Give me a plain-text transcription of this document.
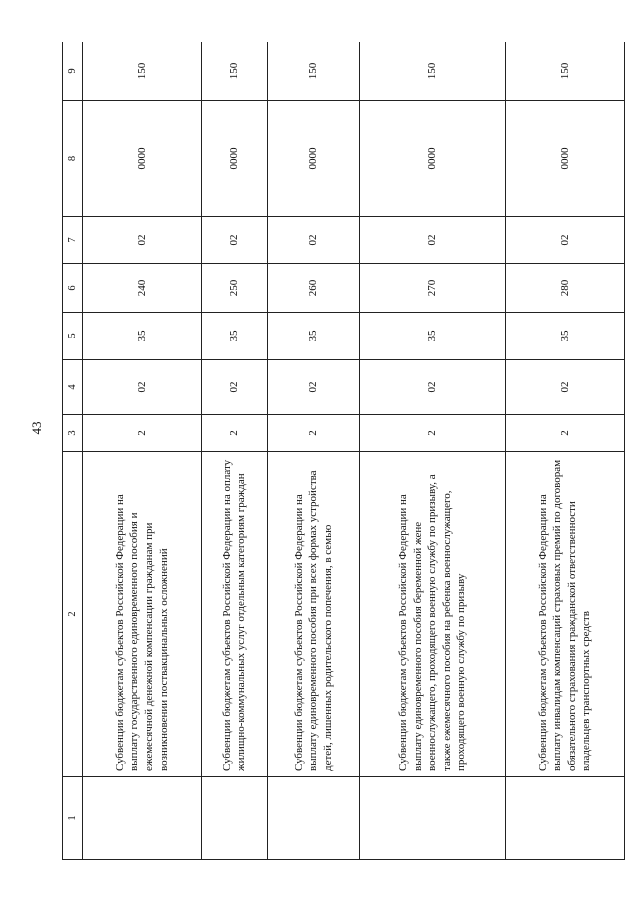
43
1	2	3	4	5	6	7	8	9
	Субвенции бюджетам субъектов Российской Федерации на выплату государственного единовременного пособия и ежемесячной денежной компенсации гражданам при возникновении поствакцинальных осложнений	2	02	35	240	02	0000	150
	Субвенции бюджетам субъектов Российской Федерации на оплату жилищно-коммунальных услуг отдельным категориям граждан	2	02	35	250	02	0000	150
	Субвенции бюджетам субъектов Российской Федерации на выплату единовременного пособия при всех формах устройства детей, лишенных родительского попечения, в семью	2	02	35	260	02	0000	150
	Субвенции бюджетам субъектов Российской Федерации на выплату единовременного пособия беременной жене военнослужащего, проходящего военную службу по призыву, а также ежемесячного пособия на ребенка военнослужащего, проходящего военную службу по призыву	2	02	35	270	02	0000	150
	Субвенции бюджетам субъектов Российской Федерации на выплату инвалидам компенсаций страховых премий по договорам обязательного страхования гражданской ответственности владельцев транспортных средств	2	02	35	280	02	0000	150
